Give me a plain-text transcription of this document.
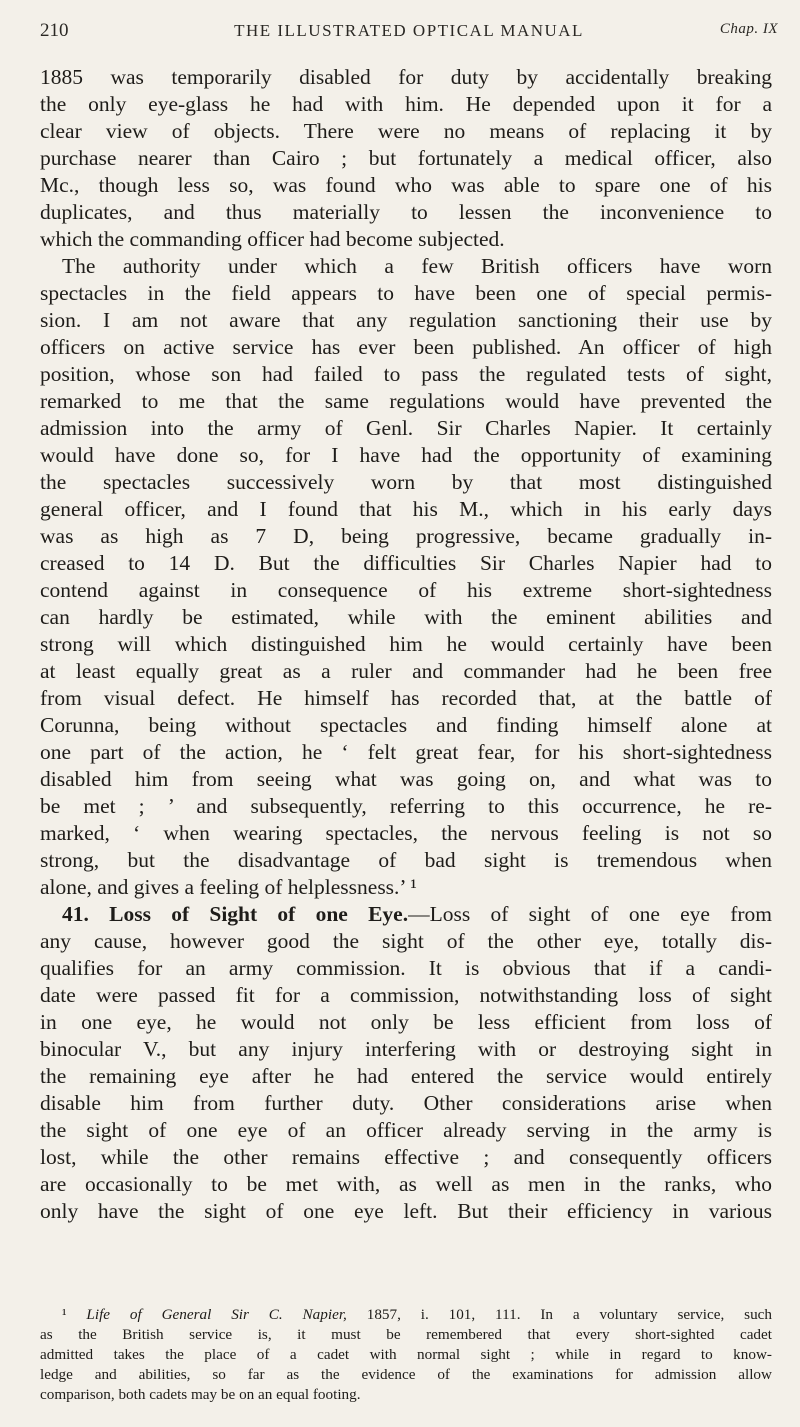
210	THE ILLUSTRATED OPTICAL MANUAL	Chap. IX
1885 was temporarily disabled for duty by accidentally breaking
the only eye-glass he had with him. He depended upon it for a
clear view of objects. There were no means of replacing it by
purchase nearer than Cairo ; but fortunately a medical officer, also
Mc., though less so, was found who was able to spare one of his
duplicates, and thus materially to lessen the inconvenience to
which the commanding officer had become subjected.
The authority under which a few British officers have worn
spectacles in the field appears to have been one of special permis-
sion. I am not aware that any regulation sanctioning their use by
officers on active service has ever been published. An officer of high
position, whose son had failed to pass the regulated tests of sight,
remarked to me that the same regulations would have prevented the
admission into the army of Genl. Sir Charles Napier. It certainly
would have done so, for I have had the opportunity of examining
the spectacles successively worn by that most distinguished
general officer, and I found that his M., which in his early days
was as high as 7 D, being progressive, became gradually in-
creased to 14 D. But the difficulties Sir Charles Napier had to
contend against in consequence of his extreme short-sightedness
can hardly be estimated, while with the eminent abilities and
strong will which distinguished him he would certainly have been
at least equally great as a ruler and commander had he been free
from visual defect. He himself has recorded that, at the battle of
Corunna, being without spectacles and finding himself alone at
one part of the action, he ‘ felt great fear, for his short-sightedness
disabled him from seeing what was going on, and what was to
be met ; ’ and subsequently, referring to this occurrence, he re-
marked, ‘ when wearing spectacles, the nervous feeling is not so
strong, but the disadvantage of bad sight is tremendous when
alone, and gives a feeling of helplessness.’ ¹
41. Loss of Sight of one Eye.—Loss of sight of one eye from
any cause, however good the sight of the other eye, totally dis-
qualifies for an army commission. It is obvious that if a candi-
date were passed fit for a commission, notwithstanding loss of sight
in one eye, he would not only be less efficient from loss of
binocular V., but any injury interfering with or destroying sight in
the remaining eye after he had entered the service would entirely
disable him from further duty. Other considerations arise when
the sight of one eye of an officer already serving in the army is
lost, while the other remains effective ; and consequently officers
are occasionally to be met with, as well as men in the ranks, who
only have the sight of one eye left. But their efficiency in various
¹ Life of General Sir C. Napier, 1857, i. 101, 111. In a voluntary service, such
as the British service is, it must be remembered that every short-sighted cadet
admitted takes the place of a cadet with normal sight ; while in regard to know-
ledge and abilities, so far as the evidence of the examinations for admission allow
comparison, both cadets may be on an equal footing.
